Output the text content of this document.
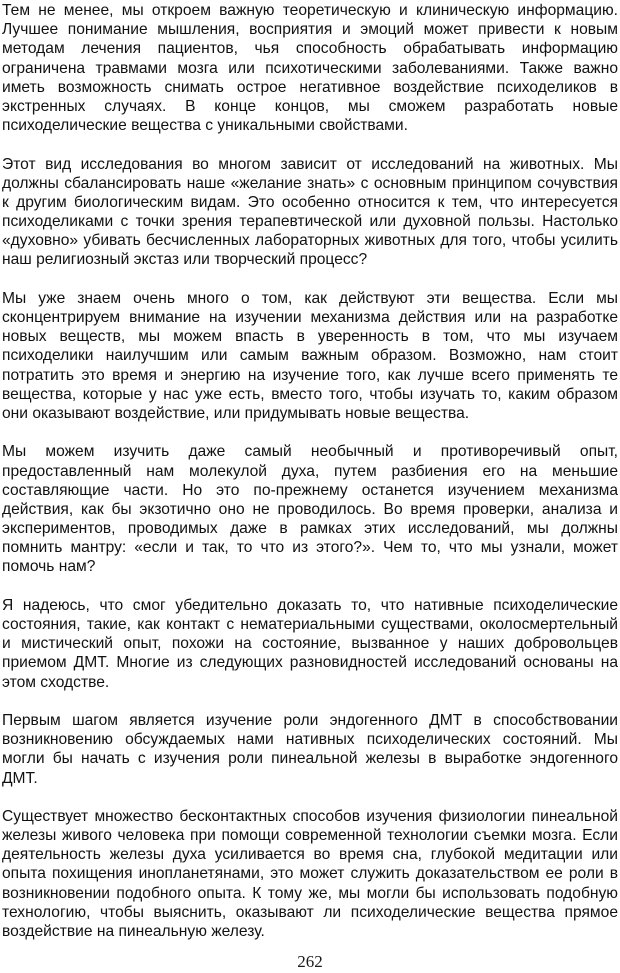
Тем не менее, мы откроем важную теоретическую и клиническую информацию.
Лучшее понимание мышления, восприятия и эмоций может привести к новым
методам лечения пациентов, чья способность обрабатывать информацию
ограничена травмами мозга или психотическими заболеваниями. Также важно
иметь возможность снимать острое негативное воздействие психоделиков в
экстренных случаях. В конце концов, мы сможем разработать новые
психоделические вещества с уникальными свойствами.
Этот вид исследования во многом зависит от исследований на животных. Мы
должны сбалансировать наше «желание знать» с основным принципом сочувствия
к другим биологическим видам. Это особенно относится к тем, что интересуется
психоделиками с точки зрения терапевтической или духовной пользы. Настолько
«духовно» убивать бесчисленных лабораторных животных для того, чтобы усилить
наш религиозный экстаз или творческий процесс?
Мы уже знаем очень много о том, как действуют эти вещества. Если мы
сконцентрируем внимание на изучении механизма действия или на разработке
новых веществ, мы можем впасть в уверенность в том, что мы изучаем
психоделики наилучшим или самым важным образом. Возможно, нам стоит
потратить это время и энергию на изучение того, как лучше всего применять те
вещества, которые у нас уже есть, вместо того, чтобы изучать то, каким образом
они оказывают воздействие, или придумывать новые вещества.
Мы можем изучить даже самый необычный и противоречивый опыт,
предоставленный нам молекулой духа, путем разбиения его на меньшие
составляющие части. Но это по-прежнему останется изучением механизма
действия, как бы экзотично оно не проводилось. Во время проверки, анализа и
экспериментов, проводимых даже в рамках этих исследований, мы должны
помнить мантру: «если и так, то что из этого?». Чем то, что мы узнали, может
помочь нам?
Я надеюсь, что смог убедительно доказать то, что нативные психоделические
состояния, такие, как контакт с нематериальными существами, околосмертельный
и мистический опыт, похожи на состояние, вызванное у наших добровольцев
приемом ДМТ. Многие из следующих разновидностей исследований основаны на
этом сходстве.
Первым шагом является изучение роли эндогенного ДМТ в способствовании
возникновению обсуждаемых нами нативных психоделических состояний. Мы
могли бы начать с изучения роли пинеальной железы в выработке эндогенного
ДМТ.
Существует множество бесконтактных способов изучения физиологии пинеальной
железы живого человека при помощи современной технологии съемки мозга. Если
деятельность железы духа усиливается во время сна, глубокой медитации или
опыта похищения инопланетянами, это может служить доказательством ее роли в
возникновении подобного опыта. К тому же, мы могли бы использовать подобную
технологию, чтобы выяснить, оказывают ли психоделические вещества прямое
воздействие на пинеальную железу.
262
